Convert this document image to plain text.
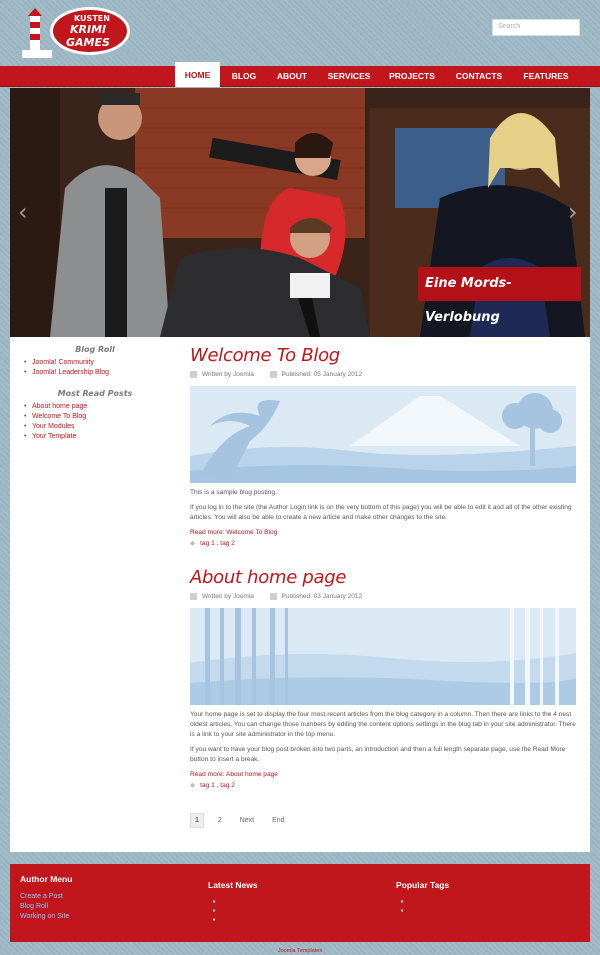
KUSTEN
KRIMI
GAMES
Search
HOME	BLOG	ABOUT	SERVICES	PROJECTS	CONTACTS	FEATURES
Eine Mords-Verlobung
‹	›
Blog Roll
• Joomla! Community
• Joomla! Leadership Blog
Most Read Posts
• About home page
• Welcome To Blog
• Your Modules
• Your Template
Welcome To Blog
Written by Joomla	Published: 05 January 2012

This is a sample blog posting.

If you log in to the site (the Author Login link is on the very bottom of this page) you will be able to edit it and all of the other existing articles. You will also be able to create a new article and make other changes to the site.

Read more: Welcome To Blog
◆ tag 1 , tag 2
About home page
Written by Joomla	Published: 03 January 2012

Your home page is set to display the four most recent articles from the blog category in a column. Then there are links to the 4 nest oldest articles. You can change those numbers by editing the content options settings in the blog tab in your site administrator. There is a link to your site administrator in the top menu.

If you want to have your blog post broken into two parts, an introduction and then a full length separate page, use the Read More button to insert a break.

Read more: About home page
◆ tag 1 , tag 2
1	2	Next	End
Author Menu
Create a Post
Blog Roll
Working on Site
Latest News
•
•
•
Popular Tags
•
•
Joomla Templates
